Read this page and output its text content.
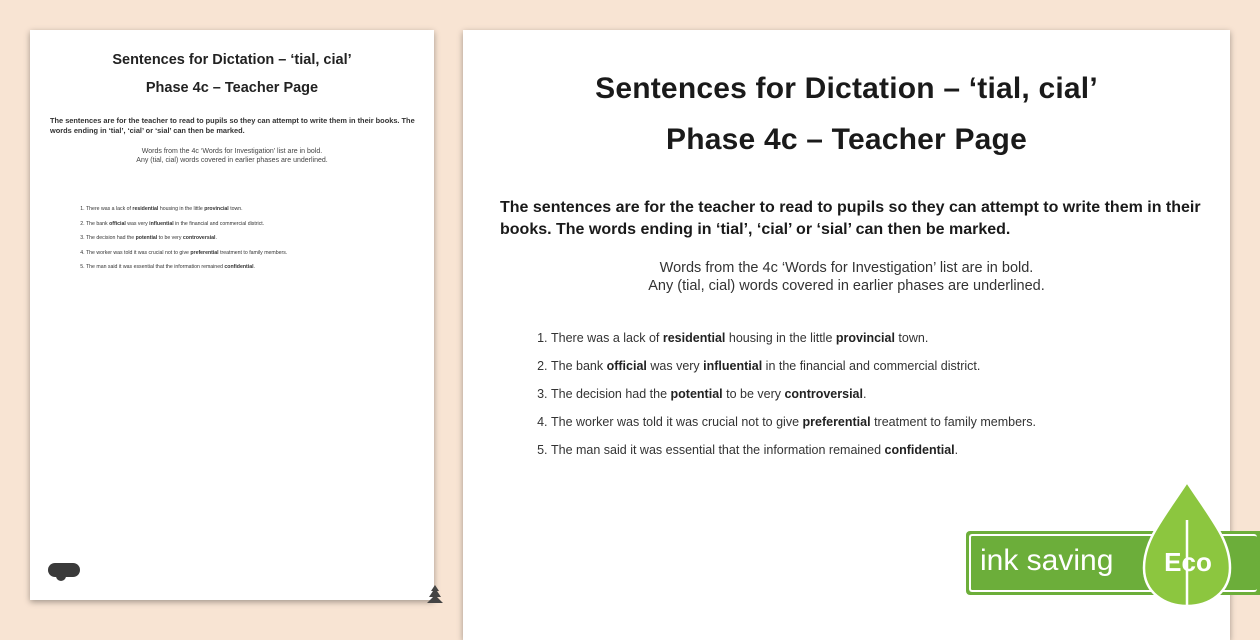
Sentences for Dictation – ‘tial, cial’
Phase 4c – Teacher Page
The sentences are for the teacher to read to pupils so they can attempt to write them in their books. The words ending in ‘tial’, ‘cial’ or ‘sial’ can then be marked.
Words from the 4c ‘Words for Investigation’ list are in bold.
Any (tial, cial) words covered in earlier phases are underlined.
1. There was a lack of residential housing in the little provincial town.
2. The bank official was very influential in the financial and commercial district.
3. The decision had the potential to be very controversial.
4. The worker was told it was crucial not to give preferential treatment to family members.
5. The man said it was essential that the information remained confidential.
Sentences for Dictation – ‘tial, cial’
Phase 4c – Teacher Page
The sentences are for the teacher to read to pupils so they can attempt to write them in their books. The words ending in ‘tial’, ‘cial’ or ‘sial’ can then be marked.
Words from the 4c ‘Words for Investigation’ list are in bold.
Any (tial, cial) words covered in earlier phases are underlined.
1. There was a lack of residential housing in the little provincial town.
2. The bank official was very influential in the financial and commercial district.
3. The decision had the potential to be very controversial.
4. The worker was told it was crucial not to give preferential treatment to family members.
5. The man said it was essential that the information remained confidential.
ink saving Eco
